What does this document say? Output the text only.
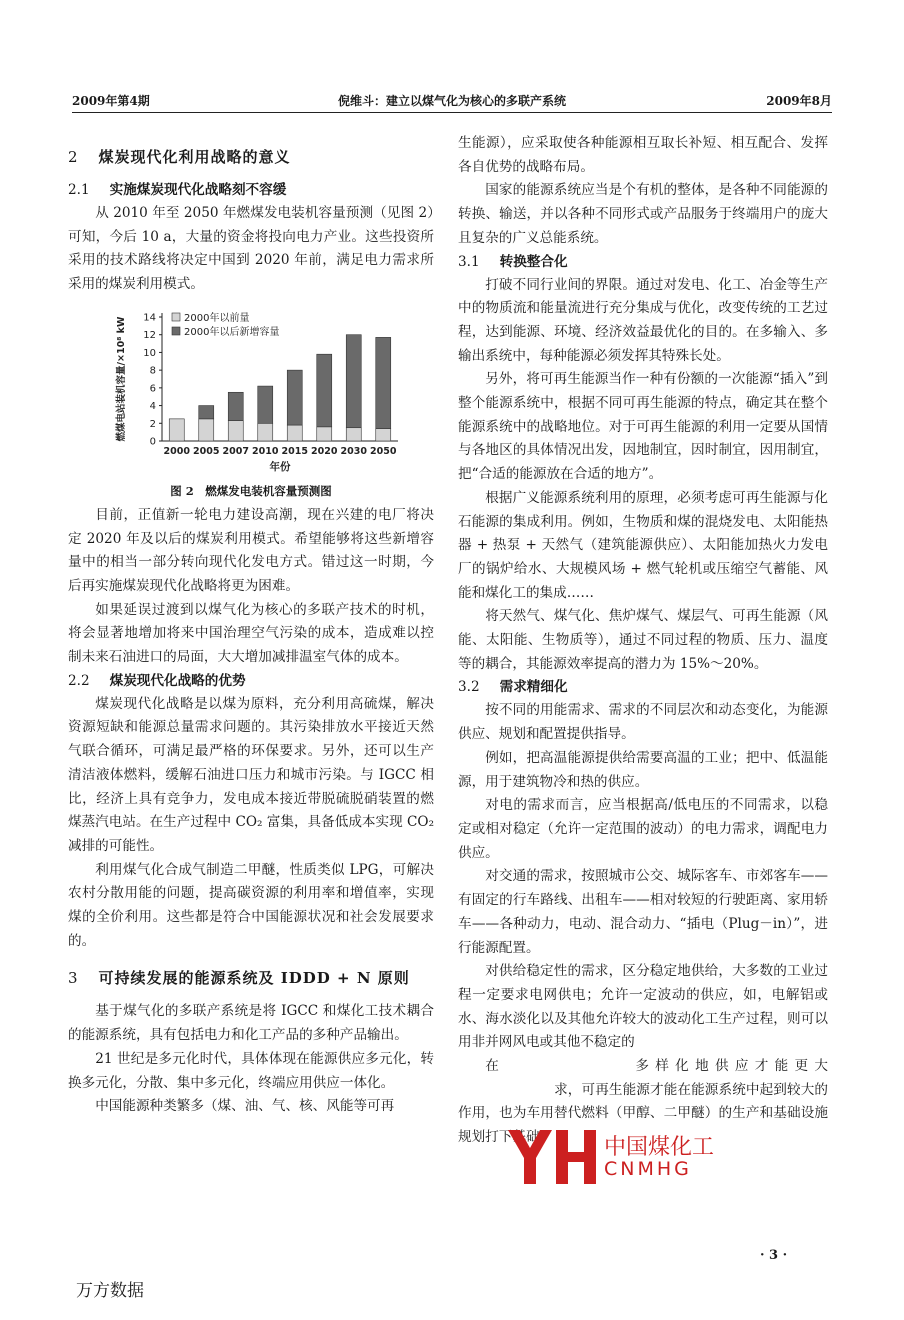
2009年第4期	倪维斗：建立以煤气化为核心的多联产系统	2009年8月
2 煤炭现代化利用战略的意义
2.1 实施煤炭现代化战略刻不容缓

从 2010 年至 2050 年燃煤发电装机容量预测（见图 2）可知，今后 10 a，大量的资金将投向电力产业。这些投资所采用的技术路线将决定中国到 2020 年前，满足电力需求所采用的煤炭利用模式。

0
2
4
6
8
10
12
14
2000 2005 2007 2010 2015 2020 2030 2050
年份
燃煤电站装机容量/×10⁸ kW	2000年以前量
2000年以后新增容量

图 2　燃煤发电装机容量预测图

目前，正值新一轮电力建设高潮，现在兴建的电厂将决定 2020 年及以后的煤炭利用模式。希望能够将这些新增容量中的相当一部分转向现代化发电方式。错过这一时期，今后再实施煤炭现代化战略将更为困难。

如果延误过渡到以煤气化为核心的多联产技术的时机，将会显著地增加将来中国治理空气污染的成本，造成难以控制未来石油进口的局面，大大增加减排温室气体的成本。

2.2 煤炭现代化战略的优势

煤炭现代化战略是以煤为原料，充分利用高硫煤，解决资源短缺和能源总量需求问题的。其污染排放水平接近天然气联合循环，可满足最严格的环保要求。另外，还可以生产清洁液体燃料，缓解石油进口压力和城市污染。与 IGCC 相比，经济上具有竞争力，发电成本接近带脱硫脱硝装置的燃煤蒸汽电站。在生产过程中 CO₂ 富集，具备低成本实现 CO₂ 减排的可能性。

利用煤气化合成气制造二甲醚，性质类似 LPG，可解决农村分散用能的问题，提高碳资源的利用率和增值率，实现煤的全价利用。这些都是符合中国能源状况和社会发展要求的。

3 可持续发展的能源系统及 IDDD + N 原则

基于煤气化的多联产系统是将 IGCC 和煤化工技术耦合的能源系统，具有包括电力和化工产品的多种产品输出。

21 世纪是多元化时代，具体体现在能源供应多元化，转换多元化，分散、集中多元化，终端应用供应一体化。

中国能源种类繁多（煤、油、气、核、风能等可再

生能源），应采取使各种能源相互取长补短、相互配合、发挥各自优势的战略布局。

国家的能源系统应当是个有机的整体，是各种不同能源的转换、输送，并以各种不同形式或产品服务于终端用户的庞大且复杂的广义总能系统。

3.1 转换整合化

打破不同行业间的界限。通过对发电、化工、冶金等生产中的物质流和能量流进行充分集成与优化，改变传统的工艺过程，达到能源、环境、经济效益最优化的目的。在多输入、多输出系统中，每种能源必须发挥其特殊长处。

另外，将可再生能源当作一种有份额的一次能源“插入”到整个能源系统中，根据不同可再生能源的特点，确定其在整个能源系统中的战略地位。对于可再生能源的利用一定要从国情与各地区的具体情况出发，因地制宜，因时制宜，因用制宜，把“合适的能源放在合适的地方”。

根据广义能源系统利用的原理，必须考虑可再生能源与化石能源的集成利用。例如，生物质和煤的混烧发电、太阳能热器 + 热泵 + 天然气（建筑能源供应）、太阳能加热火力发电厂的锅炉给水、大规模风场 + 燃气轮机或压缩空气蓄能、风能和煤化工的集成……

将天然气、煤气化、焦炉煤气、煤层气、可再生能源（风能、太阳能、生物质等），通过不同过程的物质、压力、温度等的耦合，其能源效率提高的潜力为 15%～20%。

3.2 需求精细化

按不同的用能需求、需求的不同层次和动态变化，为能源供应、规划和配置提供指导。

例如，把高温能源提供给需要高温的工业；把中、低温能源，用于建筑物冷和热的供应。

对电的需求而言，应当根据高/低电压的不同需求，以稳定或相对稳定（允许一定范围的波动）的电力需求，调配电力供应。

对交通的需求，按照城市公交、城际客车、市郊客车——有固定的行车路线、出租车——相对较短的行驶距离、家用轿车——各种动力，电动、混合动力、“插电（Plug－in）”，进行能源配置。

对供给稳定性的需求，区分稳定地供给，大多数的工业过程一定要求电网供电；允许一定波动的供应，如，电解铝或水、海水淡化以及其他允许较大的波动化工生产过程，则可以用非并网风电或其他不稳定的

在	多样化地供应才能更大求，可再生能源才能在能源系统中起到较大的作用，也为车用替代燃料（甲醇、二甲醚）的生产和基础设施规划打下基础。

· 3 ·
万方数据
中国煤化工
CNMHG
